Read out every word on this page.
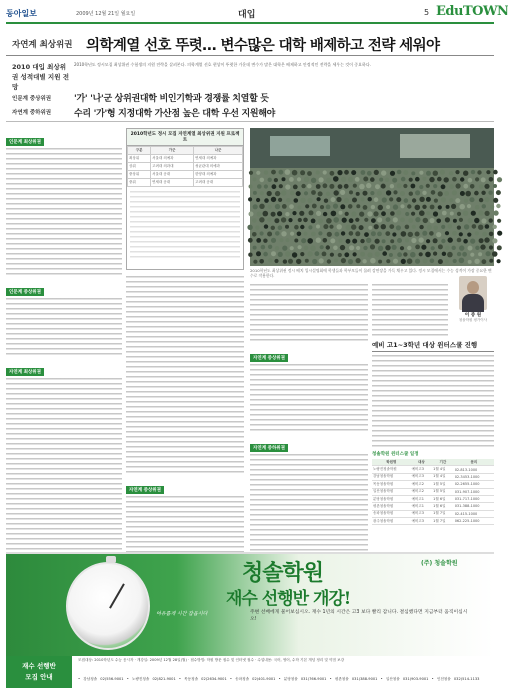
동아일보	2009년 12월 21일 월요일	대입	5 EduTOWN
자연계 최상위권 의학계열 선호 뚜렷… 변수많은 대학 배제하고 전략 세워야
2010 대입 최상위권 성적대별 지원 전망
2010학년도 정시모집 최상위권 수험생의 지원 전략을 살펴본다. 의학계열 선호 현상이 뚜렷한 가운데 변수가 많은 대학은 배제하고 안정적인 전략을 세우는 것이 중요하다.
인문계 중상위권	'가' '나'군 상위권대학 비인기학과 경쟁률 치열할 듯
자연계 중하위권	수리 '가'형 지정대학 가산점 높은 대학 우선 지원해야
인문계 최상위권
인문계 중상위권
자연계 최상위권
2010학년도 정시 모집 자연계열 최상위권 지원 프로젝트
구분	가군	나군
최상위	서울대 의예과	연세대 의예과
상위	고려대 의과대	성균관대 의예과
중상위	서울대 공대	한양대 의예과
중위	연세대 공대	고려대 공대
자연계 중상위권
2010학년도 최상위권 정시 배치 입시설명회에 학생들과 학부모들이 몰려 강연장을 가득 채우고 있다. 정시 모집에서는 수능 성적이 가장 중요한 변수로 작용한다.
자연계 중상위권
자연계 중하위권
이 중 원
청솔학원 평가이사
예비 고1~3학년 대상 윈터스쿨 진행
청솔학원 윈터스쿨 일정
학원명	대상	기간	문의
노량진청솔학원	예비고3	1월 4일	02-813-1000
강남청솔학원	예비고3	1월 4일	02-3453-1000
목동청솔학원	예비고2	1월 5일	02-2655-1000
일산청솔학원	예비고2	1월 5일	031-907-1000
분당청솔학원	예비고1	1월 6일	031-717-1000
평촌청솔학원	예비고1	1월 6일	031-388-1000
송파청솔학원	예비고3	1월 7일	02-415-1000
광주청솔학원	예비고3	1월 7일	062-225-1000
(주) 청솔학원
여유롭게 시간 잡읍시다
청솔학원
재수 선행반 개강!
주변 선배에게 물어보십시오. 재수 1년의 시간은 고3 보다 빨리 갑니다. 결심했다면 지금부터 움직이십시오!
재수 선행반
모집 안내
모집대상: 2010학년도 수능 응시자 · 개강일: 2009년 12월 28일(월) · 접수방법: 학원 방문 접수 및 인터넷 접수 · 수업내용: 국어, 영어, 수학 기본 개념 정리 및 약점 보강
• 강남청솔 02)556-9001 • 노량진청솔 02)821-9001 • 목동청솔 02)2634-9001 • 송파청솔 02)401-9001 • 분당청솔 031)766-9001 • 평촌청솔 031)388-9001 • 일산청솔 031)903-9001 • 인천청솔 032)514-1133
